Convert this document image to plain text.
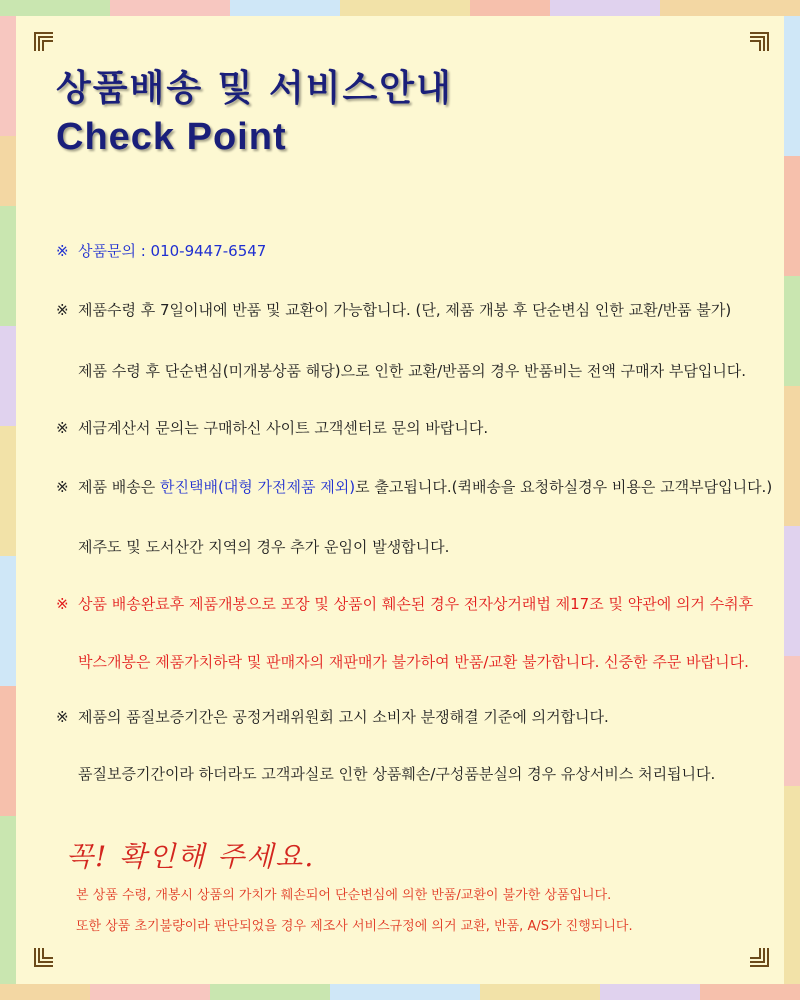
상품배송 및 서비스안내
Check Point
※ 상품문의 : 010-9447-6547
※ 제품수령 후 7일이내에 반품 및 교환이 가능합니다. (단, 제품 개봉 후 단순변심 인한 교환/반품 불가)
제품 수령 후 단순변심(미개봉상품 해당)으로 인한 교환/반품의 경우 반품비는 전액 구매자 부담입니다.
※ 세금계산서 문의는 구매하신 사이트 고객센터로 문의 바랍니다.
※ 제품 배송은 한진택배(대형 가전제품 제외)로 출고됩니다.(퀵배송을 요청하실경우 비용은 고객부담입니다.)
제주도 및 도서산간 지역의 경우 추가 운임이 발생합니다.
※ 상품 배송완료후 제품개봉으로 포장 및 상품이 훼손된 경우 전자상거래법 제17조 및 약관에 의거 수취후
박스개봉은 제품가치하락 및 판매자의 재판매가 불가하여 반품/교환 불가합니다. 신중한 주문 바랍니다.
※ 제품의 품질보증기간은 공정거래위원회 고시 소비자 분쟁해결 기준에 의거합니다.
품질보증기간이라 하더라도 고객과실로 인한 상품훼손/구성품분실의 경우 유상서비스 처리됩니다.
꼭! 확인해 주세요.
본 상품 수령, 개봉시 상품의 가치가 훼손되어 단순변심에 의한 반품/교환이 불가한 상품입니다.
또한 상품 초기불량이라 판단되었을 경우 제조사 서비스규정에 의거 교환, 반품, A/S가 진행되니다.
